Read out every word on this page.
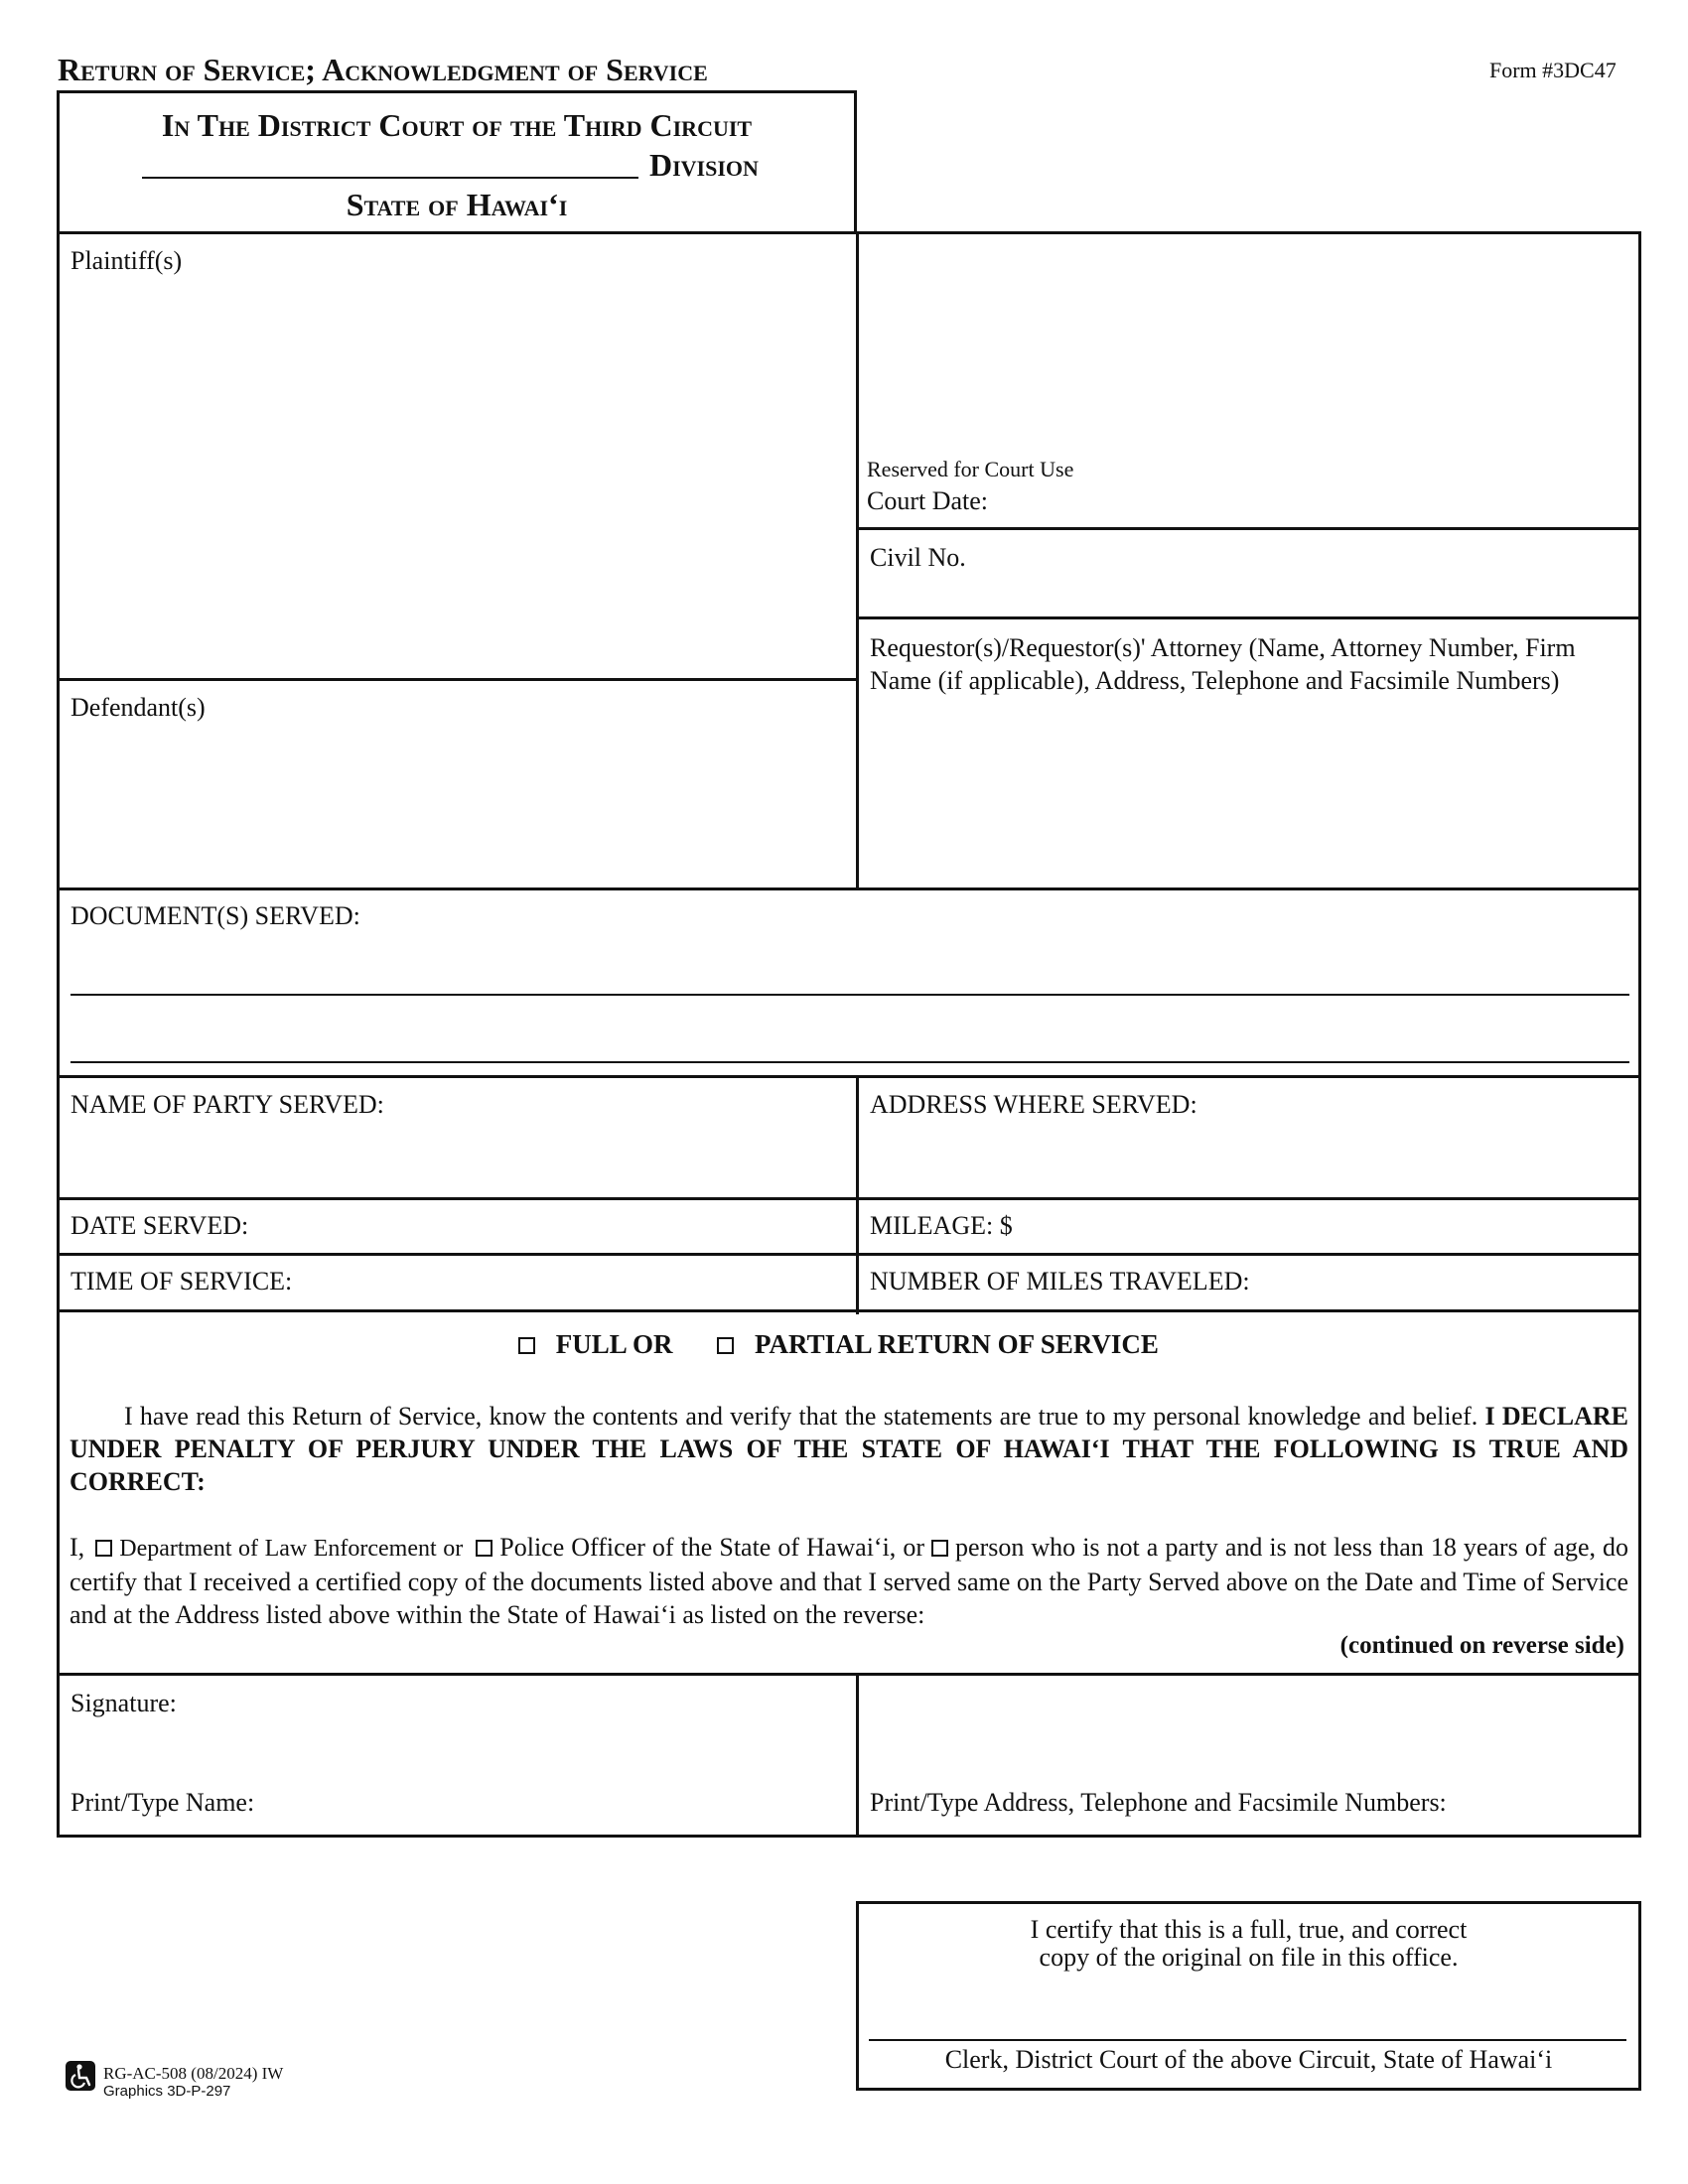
Return of Service; Acknowledgment of Service	Form #3DC47
In The District Court of the Third Circuit
Division
State of Hawai‘i
Reserved for Court Use
Court Date:
Plaintiff(s)
Defendant(s)
Civil No.
Requestor(s)/Requestor(s)' Attorney (Name, Attorney Number, Firm Name (if applicable), Address, Telephone and Facsimile Numbers)
DOCUMENT(S) SERVED:
NAME OF PARTY SERVED:	ADDRESS WHERE SERVED:
DATE SERVED:	MILEAGE: $
TIME OF SERVICE:	NUMBER OF MILES TRAVELED:
FULL OR	PARTIAL RETURN OF SERVICE
I have read this Return of Service, know the contents and verify that the statements are true to my personal knowledge and belief. I DECLARE UNDER PENALTY OF PERJURY UNDER THE LAWS OF THE STATE OF HAWAI‘I THAT THE FOLLOWING IS TRUE AND CORRECT:
I, Department of Law Enforcement or Police Officer of the State of Hawai‘i, or person who is not a party and is not less than 18 years of age, do certify that I received a certified copy of the documents listed above and that I served same on the Party Served above on the Date and Time of Service and at the Address listed above within the State of Hawai‘i as listed on the reverse:
(continued on reverse side)
Signature:
Print/Type Name:	Print/Type Address, Telephone and Facsimile Numbers:
I certify that this is a full, true, and correct
copy of the original on file in this office.
Clerk, District Court of the above Circuit, State of Hawai‘i
RG-AC-508 (08/2024) IW
Graphics 3D-P-297
